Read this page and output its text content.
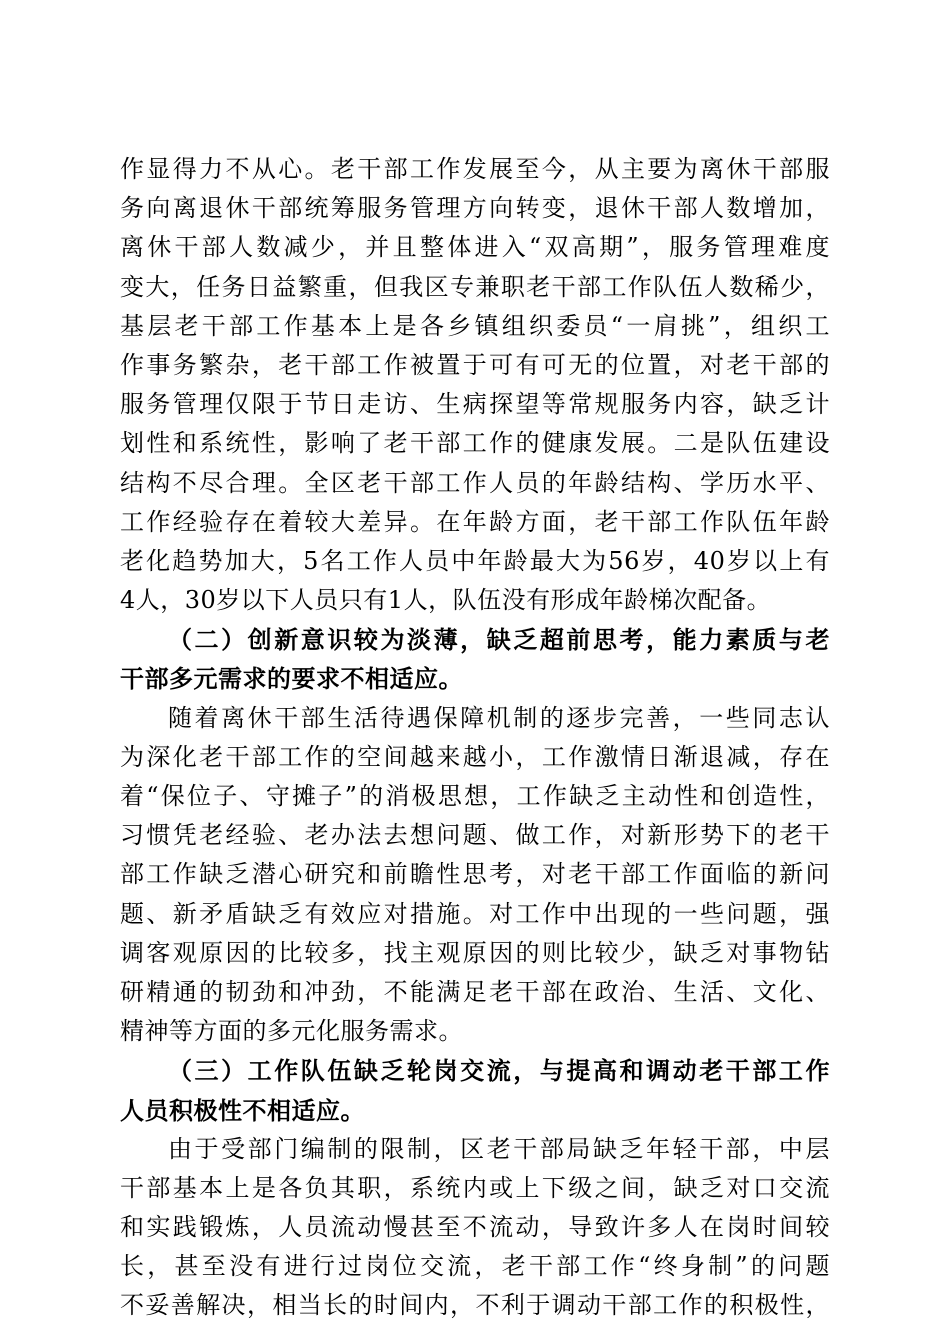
作显得力不从心。老干部工作发展至今，从主要为离休干部服
务向离退休干部统筹服务管理方向转变，退休干部人数增加，
离休干部人数减少，并且整体进入“双高期”，服务管理难度
变大，任务日益繁重，但我区专兼职老干部工作队伍人数稀少，
基层老干部工作基本上是各乡镇组织委员“一肩挑”，组织工
作事务繁杂，老干部工作被置于可有可无的位置，对老干部的
服务管理仅限于节日走访、生病探望等常规服务内容，缺乏计
划性和系统性，影响了老干部工作的健康发展。二是队伍建设
结构不尽合理。全区老干部工作人员的年龄结构、学历水平、
工作经验存在着较大差异。在年龄方面，老干部工作队伍年龄
老化趋势加大，5名工作人员中年龄最大为56岁，40岁以上有
4人，30岁以下人员只有1人，队伍没有形成年龄梯次配备。
（二）创新意识较为淡薄，缺乏超前思考，能力素质与老
干部多元需求的要求不相适应。
随着离休干部生活待遇保障机制的逐步完善，一些同志认
为深化老干部工作的空间越来越小，工作激情日渐退减，存在
着“保位子、守摊子”的消极思想，工作缺乏主动性和创造性，
习惯凭老经验、老办法去想问题、做工作，对新形势下的老干
部工作缺乏潜心研究和前瞻性思考，对老干部工作面临的新问
题、新矛盾缺乏有效应对措施。对工作中出现的一些问题，强
调客观原因的比较多，找主观原因的则比较少，缺乏对事物钻
研精通的韧劲和冲劲，不能满足老干部在政治、生活、文化、
精神等方面的多元化服务需求。
（三）工作队伍缺乏轮岗交流，与提高和调动老干部工作
人员积极性不相适应。
由于受部门编制的限制，区老干部局缺乏年轻干部，中层
干部基本上是各负其职，系统内或上下级之间，缺乏对口交流
和实践锻炼，人员流动慢甚至不流动，导致许多人在岗时间较
长，甚至没有进行过岗位交流，老干部工作“终身制”的问题
不妥善解决，相当长的时间内，不利于调动干部工作的积极性，
